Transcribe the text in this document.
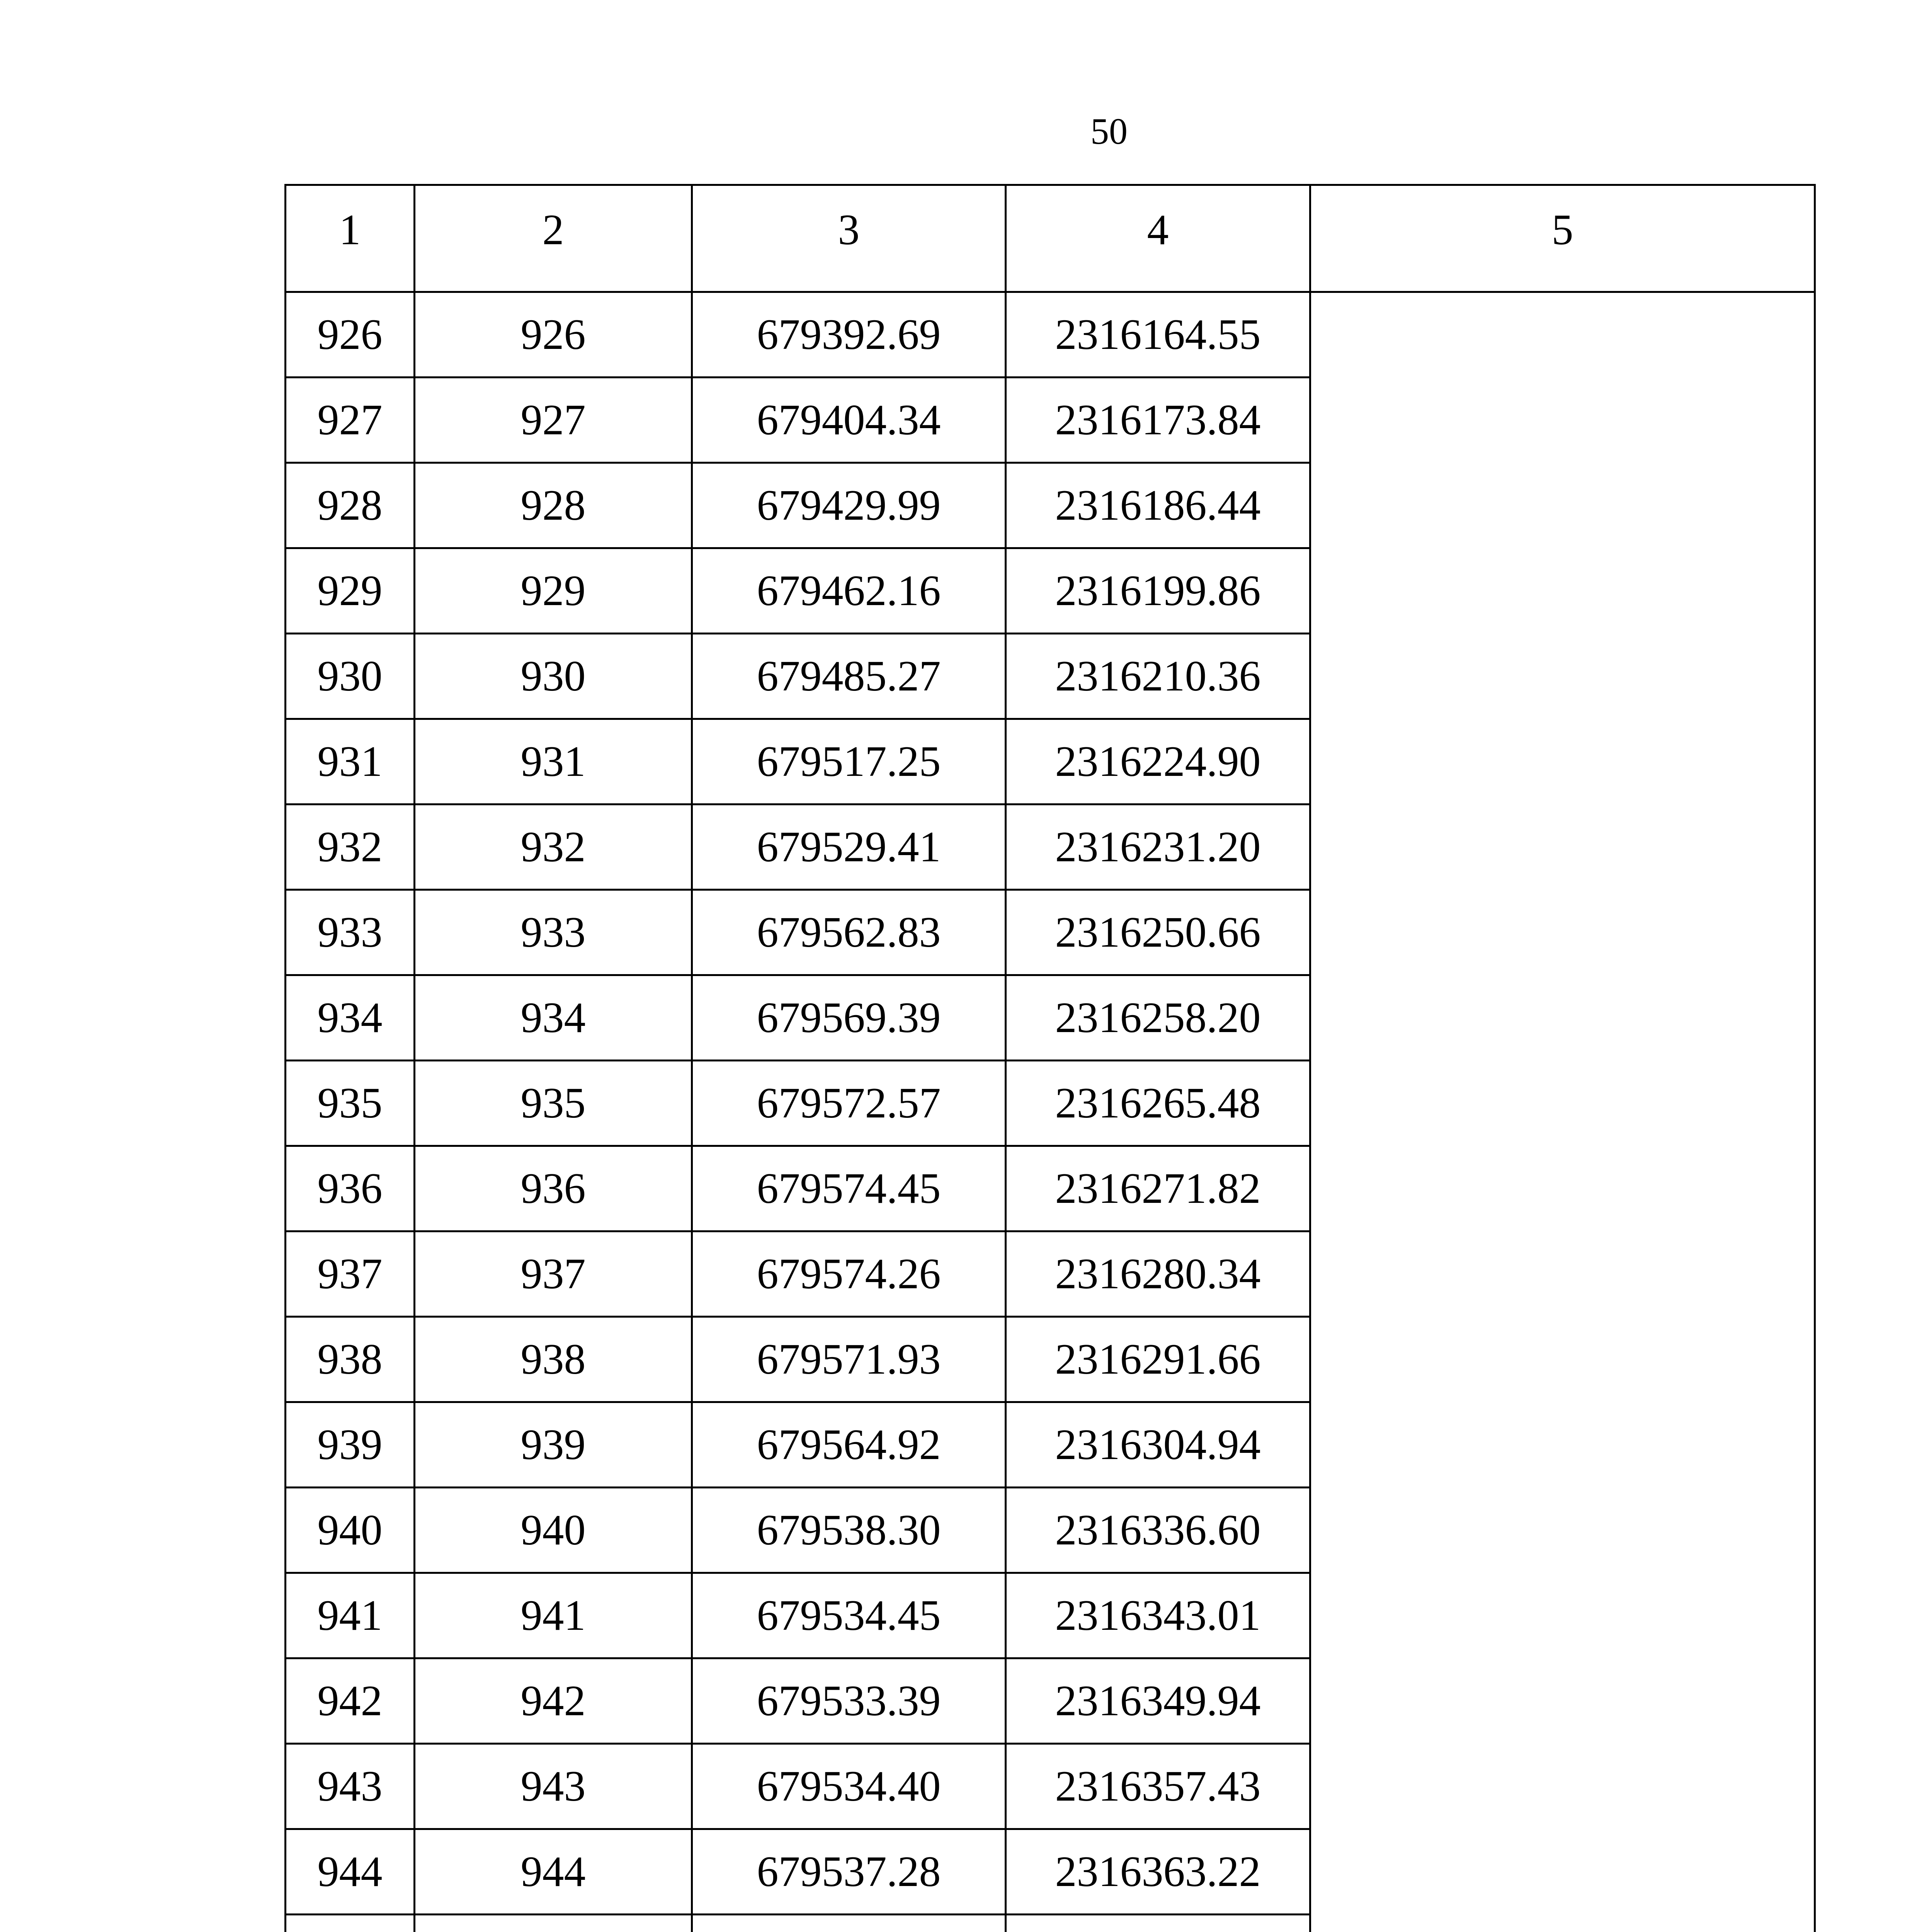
50
1	2	3	4	5
926	926	679392.69	2316164.55	
927	927	679404.34	2316173.84	
928	928	679429.99	2316186.44	
929	929	679462.16	2316199.86	
930	930	679485.27	2316210.36	
931	931	679517.25	2316224.90	
932	932	679529.41	2316231.20	
933	933	679562.83	2316250.66	
934	934	679569.39	2316258.20	
935	935	679572.57	2316265.48	
936	936	679574.45	2316271.82	
937	937	679574.26	2316280.34	
938	938	679571.93	2316291.66	
939	939	679564.92	2316304.94	
940	940	679538.30	2316336.60	
941	941	679534.45	2316343.01	
942	942	679533.39	2316349.94	
943	943	679534.40	2316357.43	
944	944	679537.28	2316363.22	
